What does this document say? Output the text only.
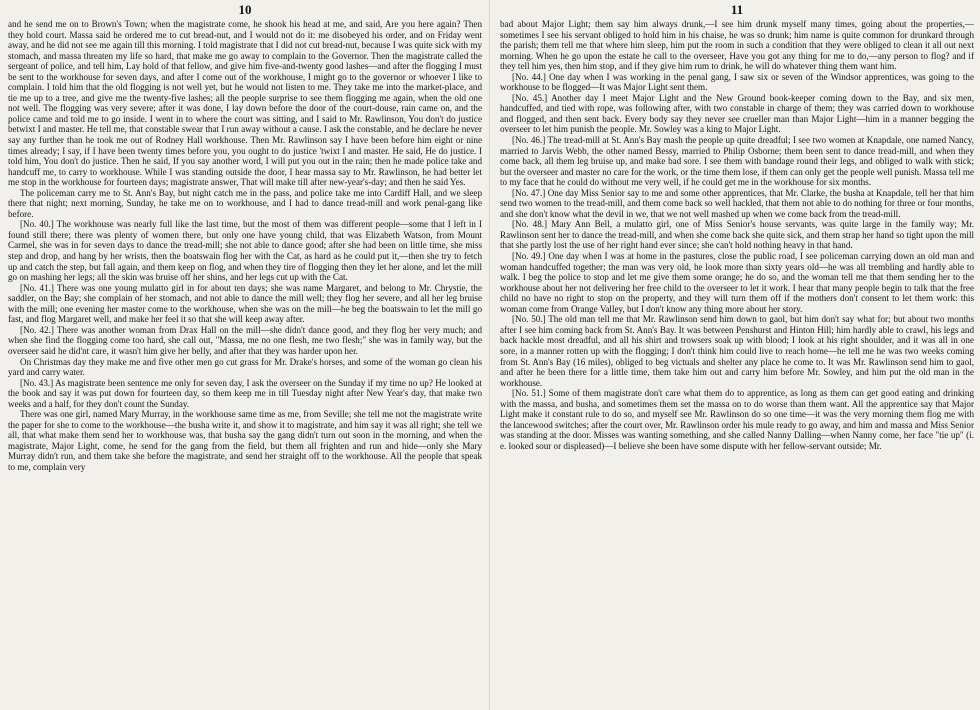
10

and he send me on to Brown's Town; when the magistrate come, he shook his head at me, and said, Are you here again? Then they hold court. Massa said he ordered me to cut bread-nut, and I would not do it: me disobeyed his order, and on Friday went away, and he did not see me again till this morning. I told magistrate that I did not cut bread-nut, because I was quite sick with my stomach, and massa threaten my life so hard, that make me go away to complain to the Governor. Then the magistrate called the sergeant of police, and tell him, Lay hold of that fellow, and give him five-and-twenty good lashes—and after the flogging I must be sent to the workhouse for seven days, and after I come out of the workhouse, I might go to the governor or whoever I like to complain. I told him that the old flogging is not well yet, but he would not listen to me. They take me into the market-place, and tie me up to a tree, and give me the twenty-five lashes; all the people surprise to see them flogging me again, when the old one not well. The flogging was very severe; after it was done, I lay down before the door of the court-douse, rain came on, and the police came and told me to go inside. I went in to where the court was sitting, and I said to Mr. Rawlinson, You don't do justice betwixt I and master. He tell me, that constable swear that I run away without a cause. I ask the constable, and he declare he never say any further than he took me out of Rodney Hall workhouse. Then Mr. Rawlinson say I have been before him eight or nine times already; I say, if I have been twenty times before you, you ought to do justice 'twixt I and master. He said, He do justice. I told him, You don't do justice. Then he said, If you say another word, I will put you out in the rain; then he made police take and handcuff me, to carry to workhouse. While I was standing outside the door, I hear massa say to Mr. Rawlinson, he had better let me stop in the workhouse for fourteen days; magistrate answer, That will make till after new-year's-day; and then he said Yes.

The policeman carry me to St. Ann's Bay, but night catch me in the pass, and police take me into Cardiff Hall, and we sleep there that night; next morning, Sunday, he take me on to workhouse, and I had to dance tread-mill and work penal-gang like before.

[No. 40.] The workhouse was nearly full like the last time, but the most of them was different people—some that I left in I found still there; there was plenty of women there, but only one have young child, that was Elizabeth Watson, from Mount Carmel, she was in for seven days to dance the tread-mill; she not able to dance good; after she had been on little time, she miss step and drop, and hang by her wrists, then the boatswain flog her with the Cat, as hard as he could put it,—then she try to fetch up and catch the step, but fall again, and them keep on flog, and when they tire of flogging then they let her alone, and let the mill go on mashing her legs; all the skin was bruise off her shins, and her legs cut up with the Cat.

[No. 41.] There was one young mulatto girl in for about ten days; she was name Margaret, and belong to Mr. Chrystie, the saddler, on the Bay; she complain of her stomach, and not able to dance the mill well; they flog her severe, and all her leg bruise with the mill; one evening her master come to the workhouse, when she was on the mill—he beg the boatswain to let the mill go fast, and flog Margaret well, and make her feel it so that she will keep away after.

[No. 42.] There was another woman from Drax Hall on the mill—she didn't dance good, and they flog her very much; and when she find the flogging come too hard, she call out, "Massa, me no one flesh, me two flesh;" she was in family way, but the overseer said he did'nt care, it wasn't him give her belly, and after that they was harder upon her.

On Christmas day they make me and five other men go cut grass for Mr. Drake's horses, and some of the woman go clean his yard and carry water.

[No. 43.] As magistrate been sentence me only for seven day, I ask the overseer on the Sunday if my time no up? He looked at the book and say it was put down for fourteen day, so them keep me in till Tuesday night after New Year's day, that make two weeks and a half, for they don't count the Sunday.

There was one girl, named Mary Murray, in the workhouse same time as me, from Seville; she tell me not the magistrate write the paper for she to come to the workhouse—the busha write it, and show it to magistrate, and him say it was all right; she tell we all, that what make them send her to workhouse was, that busha say the gang didn't turn out soon in the morning, and when the magistrate, Major Light, come, he send for the gang from the field, but them all frighten and run and hide—only she Mary Murray didn't run, and them take she before the magistrate, and send her straight off to the workhouse. All the people that speak to me, complain very

11

bad about Major Light; them say him always drunk,—I see him drunk myself many times, going about the properties,—sometimes I see his servant obliged to hold him in his chaise, he was so drunk; him name is quite common for drunkard through the parish; them tell me that where him sleep, him put the room in such a condition that they were obliged to clean it all out next morning. When he go upon the estate he call to the overseer, Have you got any thing for me to do,—any person to flog? and if they tell him yes, then him stop, and if they give him rum to drink, he will do whatever thing them want him.

[No. 44.] One day when I was working in the penal gang, I saw six or seven of the Windsor apprentices, was going to the workhouse to be flogged—It was Major Light sent them.

[No. 45.] Another day I meet Major Light and the New Ground book-keeper coming down to the Bay, and six men, handcuffed, and tied with rope, was following after, with two constable in charge of them; they was carried down to workhouse and flogged, and then sent back. Every body say they never see crueller man than Major Light—him in a manner begging the overseer to let him punish the people. Mr. Sowley was a king to Major Light.

[No. 46.] The tread-mill at St. Ann's Bay mash the people up quite dreadful; I see two women at Knapdale, one named Nancy, married to Jarvis Webb, the other named Bessy, married to Philip Osborne; them been sent to dance tread-mill, and when they come back, all them leg bruise up, and make bad sore. I see them with bandage round their legs, and obliged to walk with stick; but the overseer and master no care for the work, or the time them lose, if them can only get the people well punish. Massa tell me to my face that he could do without me very well, if he could get me in the workhouse for six months.

[No. 47.] One day Miss Senior say to me and some other apprentices, that Mr. Clarke, the busha at Knapdale, tell her that him send two women to the tread-mill, and them come back so well hackled, that them not able to do nothing for three or four months, and she don't know what the devil in we, that we not well mashed up when we come back from the tread-mill.

[No. 48.] Mary Ann Bell, a mulatto girl, one of Miss Senior's house servants, was quite large in the family way; Mr. Rawlinson sent her to dance the tread-mill, and when she come back she quite sick, and them strap her hand so tight upon the mill that she partly lost the use of her right hand ever since; she can't hold nothing heavy in that hand.

[No. 49.] One day when I was at home in the pastures, close the public road, I see policeman carrying down an old man and woman handcuffed together; the man was very old, he look more than sixty years old—he was all trembling and hardly able to walk. I beg the police to stop and let me give them some orange; he do so, and the woman tell me that them sending her to the workhouse about her not delivering her free child to the overseer to let it work. I hear that many people begin to talk that the free child no have no right to stop on the property, and they will turn them off if the mothers don't consent to let them work: this woman come from Orange Valley, but I don't know any thing more about her story.

[No. 50.] The old man tell me that Mr. Rawlinson send him down to gaol, but him don't say what for; but about two months after I see him coming back from St. Ann's Bay. It was between Penshurst and Hinton Hill; him hardly able to crawl, his legs and back hackle most dreadful, and all his shirt and trowsers soak up with blood; I look at his right shoulder, and it was all in one sore, in a manner rotten up with the flogging; I don't think him could live to reach home—he tell me he was two weeks coming from St. Ann's Bay (16 miles), obliged to beg victuals and shelter any place he come to. It was Mr. Rawlinson send him to gaol, and after he been there for a little time, them take him out and carry him before Mr. Sowley, and him put the old man in the workhouse.

[No. 51.] Some of them magistrate don't care what them do to apprentice, as long as them can get good eating and drinking with the massa, and busha, and sometimes them set the massa on to do worse than them want. All the apprentice say that Major Light make it constant rule to do so, and myself see Mr. Rawlinson do so one time—it was the very morning them flog me with the lancewood switches; after the court over, Mr. Rawlinson order his mule ready to go away, and him and massa and Miss Senior was standing at the door. Misses was wanting something, and she called Nanny Dalling—when Nanny come, her face "tie up" (i. e. looked sour or displeased)—I believe she been have some dispute with her fellow-servant outside; Mr.
